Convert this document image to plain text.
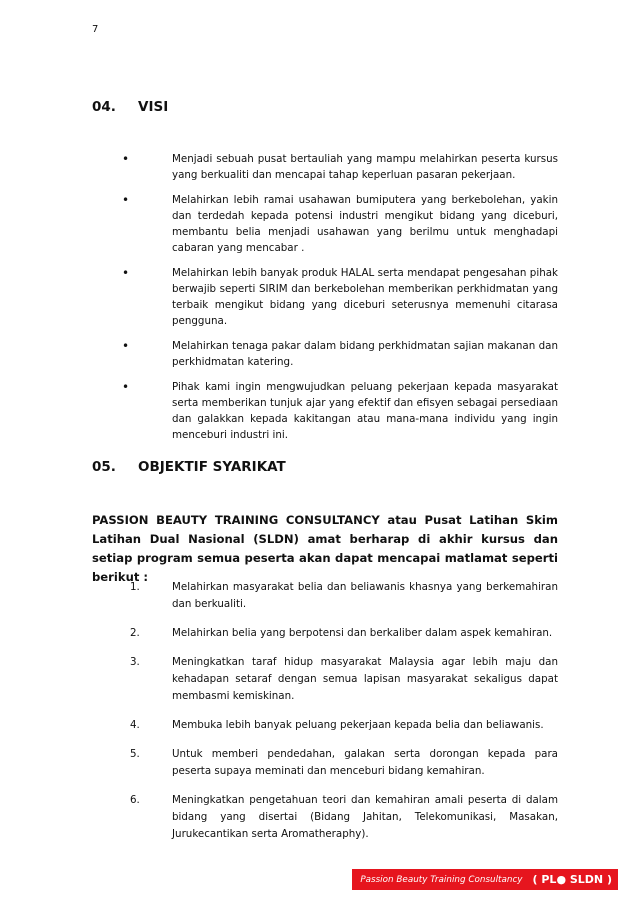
7
04.	VISI
•	Menjadi sebuah pusat bertauliah yang mampu melahirkan peserta kursus yang berkualiti dan mencapai tahap keperluan pasaran pekerjaan.
•	Melahirkan lebih ramai usahawan bumiputera yang berkebolehan, yakin dan terdedah kepada potensi industri mengikut bidang yang diceburi, membantu belia menjadi usahawan yang berilmu untuk menghadapi cabaran yang mencabar .
•	Melahirkan lebih banyak produk HALAL serta mendapat pengesahan pihak berwajib seperti SIRIM dan berkebolehan memberikan perkhidmatan yang terbaik mengikut bidang yang diceburi seterusnya memenuhi citarasa pengguna.
•	Melahirkan tenaga pakar dalam bidang perkhidmatan sajian makanan dan perkhidmatan katering.
•	Pihak kami ingin mengwujudkan peluang pekerjaan kepada masyarakat serta memberikan tunjuk ajar yang efektif dan efisyen sebagai persediaan dan galakkan kepada kakitangan atau mana-mana individu yang ingin menceburi industri ini.
05.	OBJEKTIF SYARIKAT
PASSION BEAUTY TRAINING CONSULTANCY atau Pusat Latihan Skim Latihan Dual Nasional (SLDN) amat berharap di akhir kursus dan setiap program semua peserta akan dapat mencapai matlamat seperti berikut :
1.	Melahirkan masyarakat belia dan beliawanis khasnya yang berkemahiran dan berkualiti.
2.	Melahirkan belia yang berpotensi dan berkaliber dalam aspek kemahiran.
3.	Meningkatkan taraf hidup masyarakat Malaysia agar lebih maju dan kehadapan setaraf dengan semua lapisan masyarakat sekaligus dapat membasmi kemiskinan.
4.	Membuka lebih banyak peluang pekerjaan kepada belia dan beliawanis.
5.	Untuk memberi pendedahan, galakan serta dorongan kepada para peserta supaya meminati dan menceburi bidang kemahiran.
6.	Meningkatkan pengetahuan teori dan kemahiran amali peserta di dalam bidang yang disertai (Bidang Jahitan, Telekomunikasi, Masakan, Jurukecantikan serta Aromatheraphy).
Passion Beauty Training Consultancy ( PL● SLDN )
